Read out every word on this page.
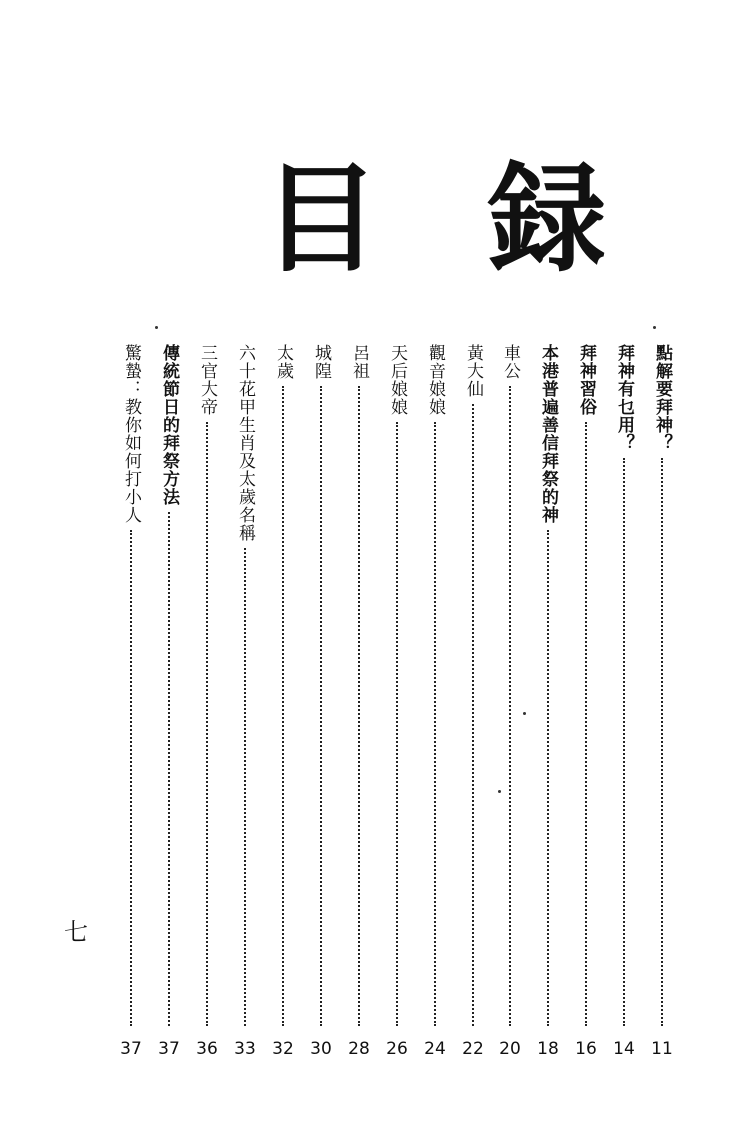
目 録
點解要拜神？
11
拜神有乜用？
14
拜神習俗
16
本港普遍善信拜祭的神
18
車公
20
黃大仙
22
觀音娘娘
24
天后娘娘
26
呂祖
28
城隍
30
太歲
32
六十花甲生肖及太歲名稱
33
三官大帝
36
傳統節日的拜祭方法
37
驚蟄：教你如何打小人
37
七
